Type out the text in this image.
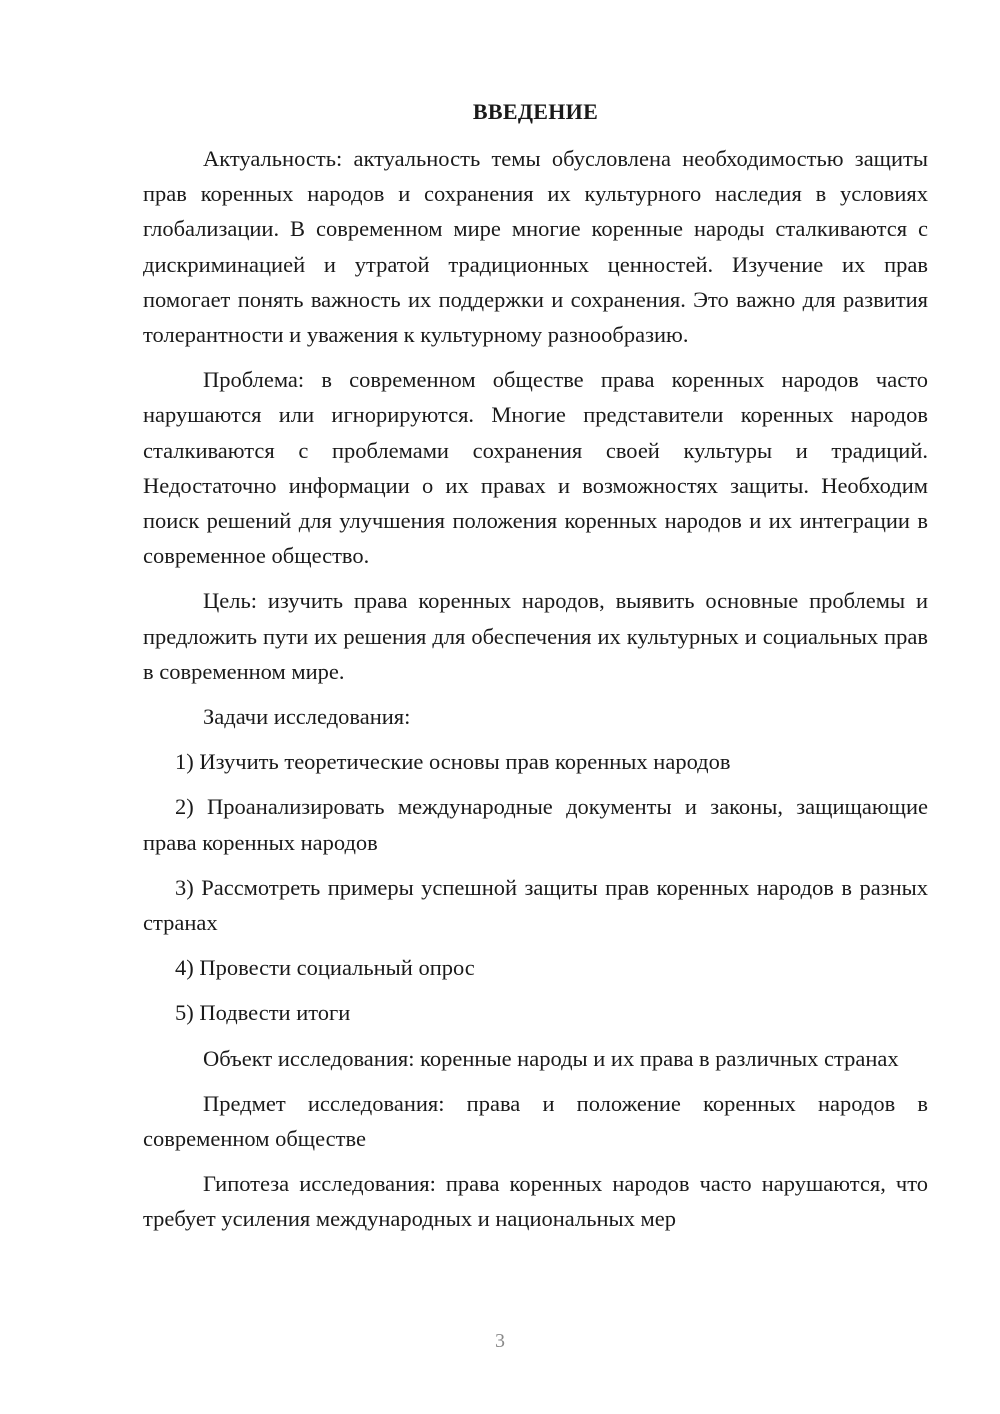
ВВЕДЕНИЕ

Актуальность: актуальность темы обусловлена необходимостью защиты прав коренных народов и сохранения их культурного наследия в условиях глобализации. В современном мире многие коренные народы сталкиваются с дискриминацией и утратой традиционных ценностей. Изучение их прав помогает понять важность их поддержки и сохранения. Это важно для развития толерантности и уважения к культурному разнообразию.

Проблема: в современном обществе права коренных народов часто нарушаются или игнорируются. Многие представители коренных народов сталкиваются с проблемами сохранения своей культуры и традиций. Недостаточно информации о их правах и возможностях защиты. Необходим поиск решений для улучшения положения коренных народов и их интеграции в современное общество.

Цель: изучить права коренных народов, выявить основные проблемы и предложить пути их решения для обеспечения их культурных и социальных прав в современном мире.

Задачи исследования:

1) Изучить теоретические основы прав коренных народов

2) Проанализировать международные документы и законы, защищающие права коренных народов

3) Рассмотреть примеры успешной защиты прав коренных народов в разных странах

4) Провести социальный опрос

5) Подвести итоги

Объект исследования: коренные народы и их права в различных странах

Предмет исследования: права и положение коренных народов в современном обществе

Гипотеза исследования: права коренных народов часто нарушаются, что требует усиления международных и национальных мер

3
